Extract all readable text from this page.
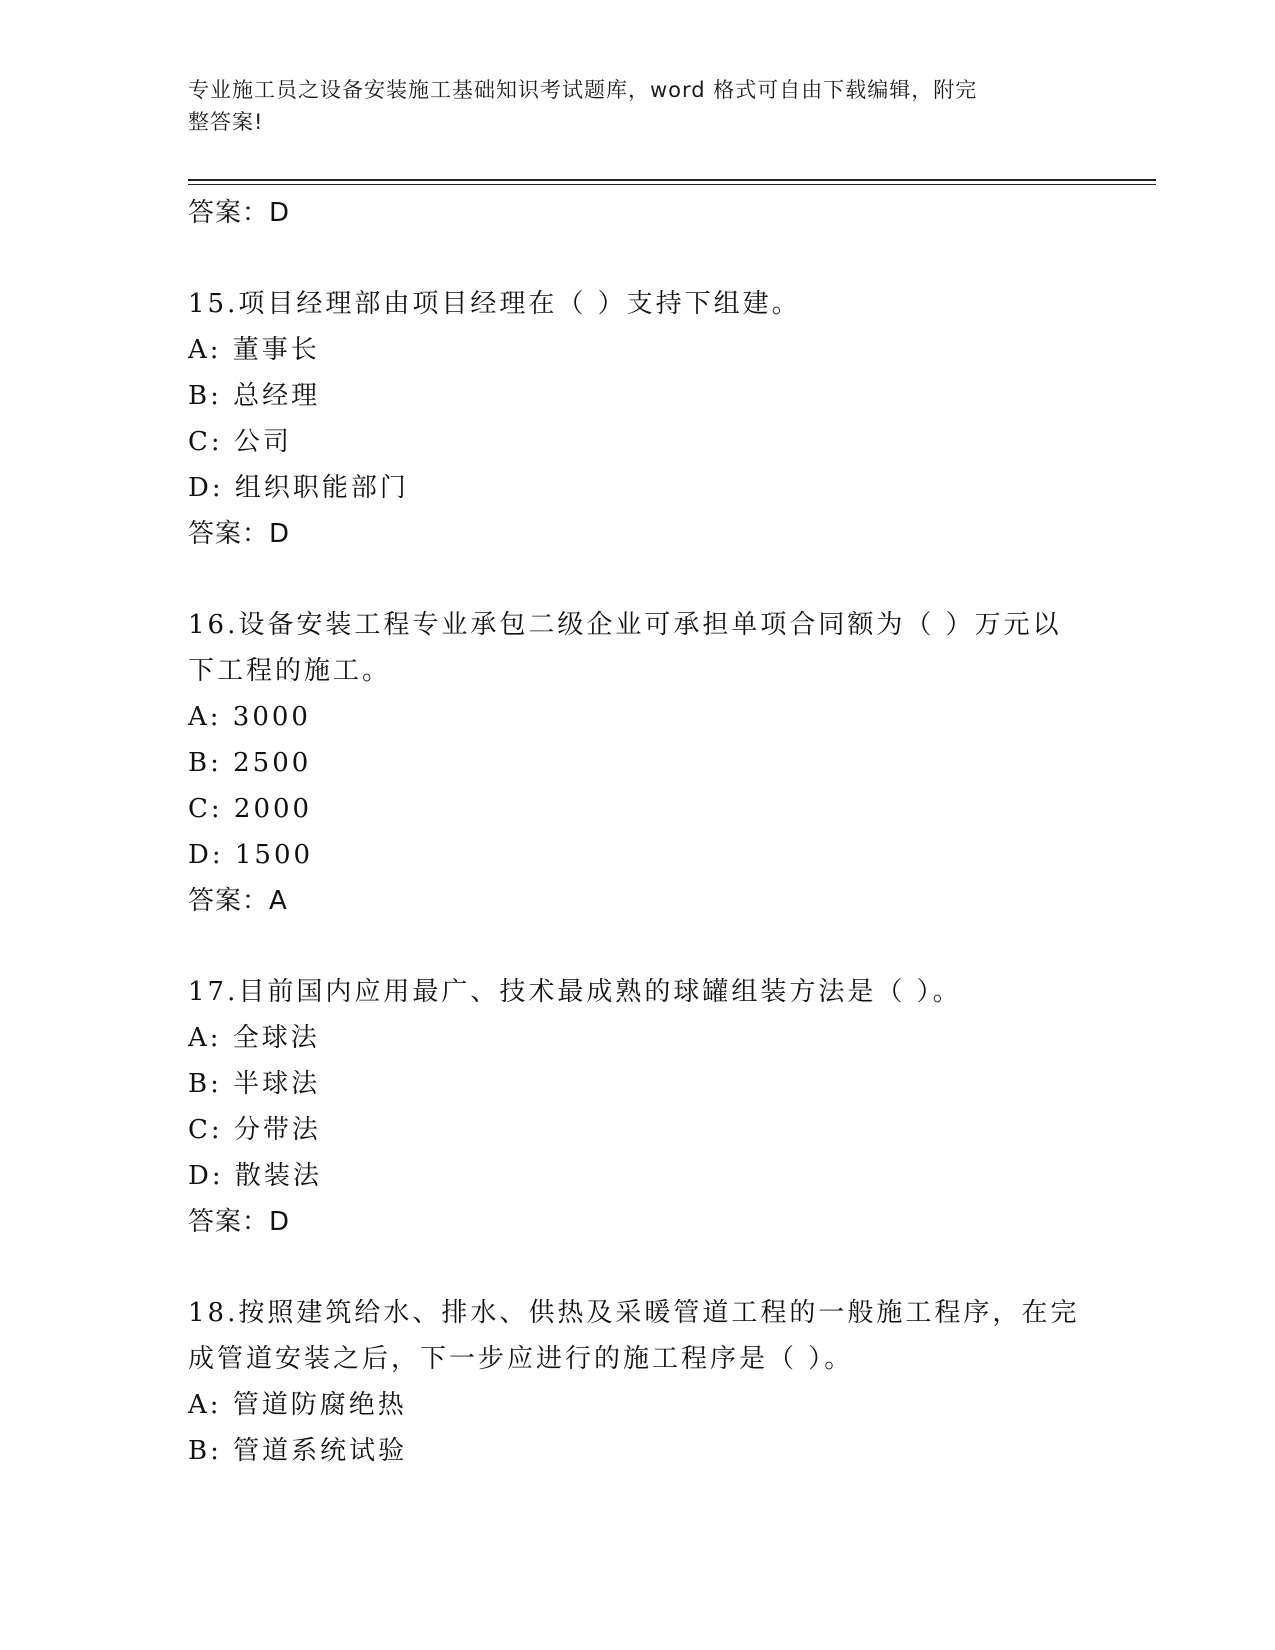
专业施工员之设备安装施工基础知识考试题库，word 格式可自由下载编辑，附完
整答案!
答案：D
15.项目经理部由项目经理在（ ）支持下组建。
A: 董事长
B: 总经理
C: 公司
D: 组织职能部门
答案：D
16.设备安装工程专业承包二级企业可承担单项合同额为（ ）万元以
下工程的施工。
A: 3000
B: 2500
C: 2000
D: 1500
答案：A
17.目前国内应用最广、技术最成熟的球罐组装方法是（ ）。
A: 全球法
B: 半球法
C: 分带法
D: 散装法
答案：D
18.按照建筑给水、排水、供热及采暖管道工程的一般施工程序，在完
成管道安装之后，下一步应进行的施工程序是（ ）。
A: 管道防腐绝热
B: 管道系统试验
